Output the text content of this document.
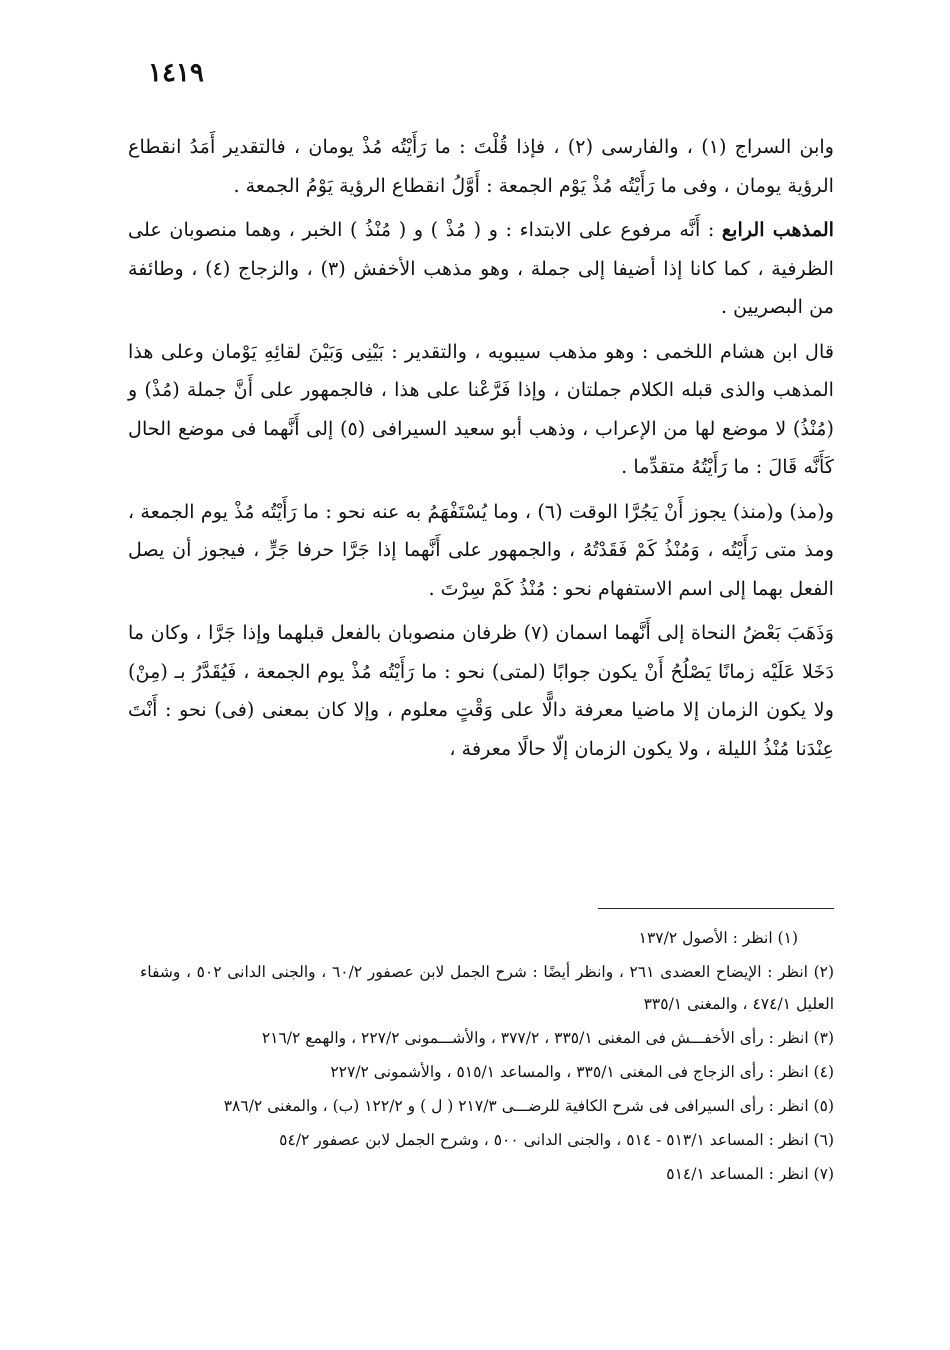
١٤١٩

وابن السراج (١) ، والفارسى (٢) ، فإذا قُلْتَ : ما رَأَيْتُه مُذْ يومان ، فالتقدير أَمَدُ انقطاع الرؤية يومان ، وفى ما رَأَيْتُه مُذْ يَوْم الجمعة : أَوَّلُ انقطاع الرؤية يَوْمُ الجمعة .

المذهب الرابع : أَنَّه مرفوع على الابتداء : و ( مُذْ ) و ( مُنْذُ ) الخبر ، وهما منصوبان على الظرفية ، كما كانا إذا أضيفا إلى جملة ، وهو مذهب الأخفش (٣) ، والزجاج (٤) ، وطائفة من البصريين .

قال ابن هشام اللخمى : وهو مذهب سيبويه ، والتقدير : بَيْنِى وَبَيْنَ لقائِهِ يَوْمان وعلى هذا المذهب والذى قبله الكلام جملتان ، وإذا فَرَّعْنا على هذا ، فالجمهور على أَنَّ جملة (مُذْ) و (مُنْذُ) لا موضع لها من الإعراب ، وذهب أبو سعيد السيرافى (٥) إلى أَنَّهما فى موضع الحال كَأَنَّه قَالَ : ما رَأَيْتُهُ متقدِّما .

و(مذ) و(منذ) يجوز أَنْ يَجُرَّا الوقت (٦) ، وما يُسْتَفْهَمُ به عنه نحو : ما رَأَيْتُه مُذْ يوم الجمعة ، ومذ متى رَأَيْتُه ، وَمُنْذُ كَمْ فَقَدْتُهُ ، والجمهور على أَنَّهما إذا جَرَّا حرفا جَرٍّ ، فيجوز أن يصل الفعل بهما إلى اسم الاستفهام نحو : مُنْذُ كَمْ سِرْتَ .

وَذَهَبَ بَعْضُ النحاة إلى أَنَّهما اسمان (٧) ظرفان منصوبان بالفعل قبلهما وإذا جَرَّا ، وكان ما دَخَلا عَلَيْه زمانًا يَصْلُحُ أَنْ يكون جوابًا (لمتى) نحو : ما رَأَيْتُه مُذْ يوم الجمعة ، فَيُقَدَّرُ بـ (مِنْ) ولا يكون الزمان إلا ماضيا معرفة دالًّا على وَقْتٍ معلوم ، وإلا كان بمعنى (فى) نحو : أَنْتَ عِنْدَنا مُنْذُ الليلة ، ولا يكون الزمان إلّا حالًا معرفة ،

(١) انظر : الأصول ١٣٧/٢

(٢) انظر : الإيضاح العضدى ٢٦١ ، وانظر أيضًا : شرح الجمل لابن عصفور ٦٠/٢ ، والجنى الدانى ٥٠٢ ، وشفاء العليل ٤٧٤/١ ، والمغنى ٣٣٥/١

(٣) انظر : رأى الأخفـــش فى المغنى ٣٣٥/١ ، ٣٧٧/٢ ، والأشـــمونى ٢٢٧/٢ ، والهمع ٢١٦/٢

(٤) انظر : رأى الزجاج فى المغنى ٣٣٥/١ ، والمساعد ٥١٥/١ ، والأشمونى ٢٢٧/٢

(٥) انظر : رأى السيرافى فى شرح الكافية للرضـــى ٢١٧/٣ ( ل ) و ١٢٢/٢ (ب) ، والمغنى ٣٨٦/٢

(٦) انظر : المساعد ٥١٣/١ - ٥١٤ ، والجنى الدانى ٥٠٠ ، وشرح الجمل لابن عصفور ٥٤/٢

(٧) انظر : المساعد ٥١٤/١
